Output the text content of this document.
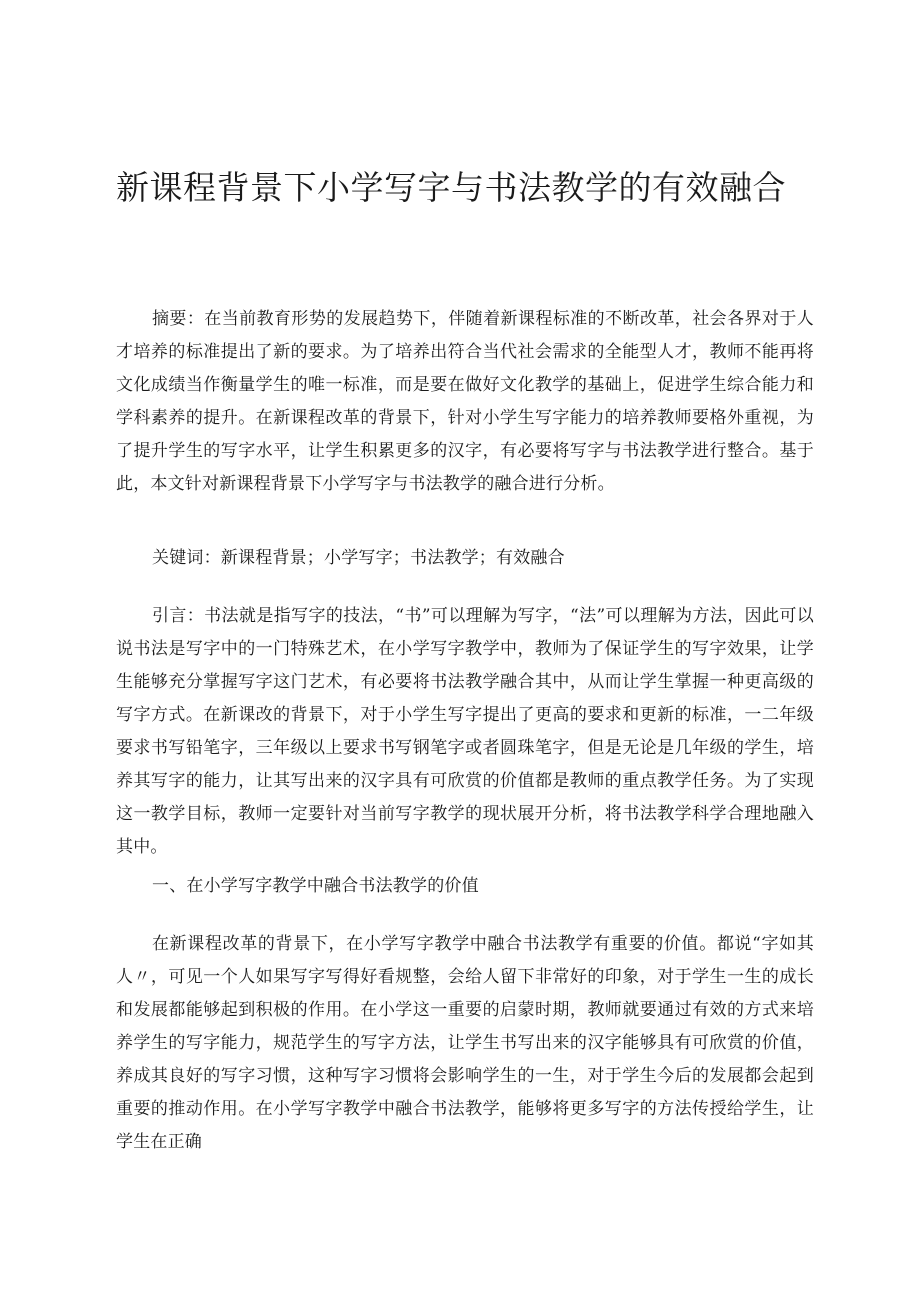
新课程背景下小学写字与书法教学的有效融合

摘要：在当前教育形势的发展趋势下，伴随着新课程标准的不断改革，社会各界对于人才培养的标准提出了新的要求。为了培养出符合当代社会需求的全能型人才，教师不能再将文化成绩当作衡量学生的唯一标准，而是要在做好文化教学的基础上，促进学生综合能力和学科素养的提升。在新课程改革的背景下，针对小学生写字能力的培养教师要格外重视，为了提升学生的写字水平，让学生积累更多的汉字，有必要将写字与书法教学进行整合。基于此，本文针对新课程背景下小学写字与书法教学的融合进行分析。

关键词：新课程背景；小学写字；书法教学；有效融合

引言：书法就是指写字的技法，“书”可以理解为写字，“法”可以理解为方法，因此可以说书法是写字中的一门特殊艺术，在小学写字教学中，教师为了保证学生的写字效果，让学生能够充分掌握写字这门艺术，有必要将书法教学融合其中，从而让学生掌握一种更高级的写字方式。在新课改的背景下，对于小学生写字提出了更高的要求和更新的标准，一二年级要求书写铅笔字，三年级以上要求书写钢笔字或者圆珠笔字，但是无论是几年级的学生，培养其写字的能力，让其写出来的汉字具有可欣赏的价值都是教师的重点教学任务。为了实现这一教学目标，教师一定要针对当前写字教学的现状展开分析，将书法教学科学合理地融入其中。

一、在小学写字教学中融合书法教学的价值

在新课程改革的背景下，在小学写字教学中融合书法教学有重要的价值。都说“字如其人〃，可见一个人如果写字写得好看规整，会给人留下非常好的印象，对于学生一生的成长和发展都能够起到积极的作用。在小学这一重要的启蒙时期，教师就要通过有效的方式来培养学生的写字能力，规范学生的写字方法，让学生书写出来的汉字能够具有可欣赏的价值，养成其良好的写字习惯，这种写字习惯将会影响学生的一生，对于学生今后的发展都会起到重要的推动作用。在小学写字教学中融合书法教学，能够将更多写字的方法传授给学生，让学生在正确
